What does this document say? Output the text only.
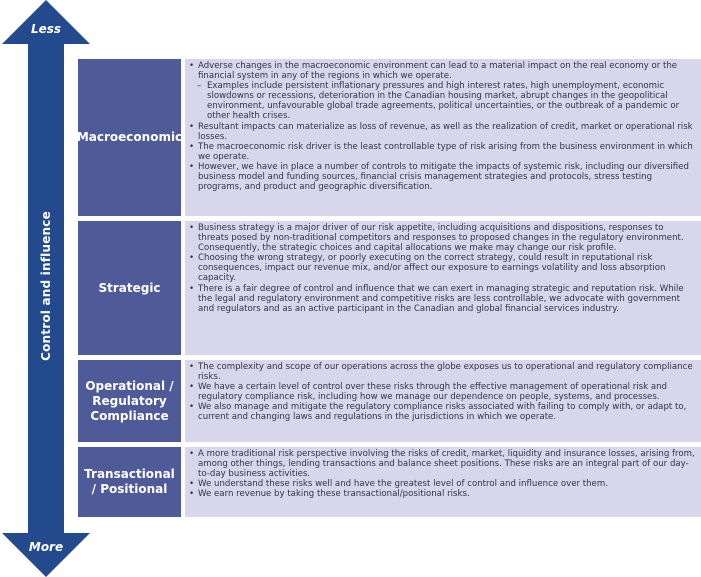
Less
Control and influence
More
Macroeconomic
• Adverse changes in the macroeconomic environment can lead to a material impact on the real economy or the financial system in any of the regions in which we operate.
– Examples include persistent inflationary pressures and high interest rates, high unemployment, economic slowdowns or recessions, deterioration in the Canadian housing market, abrupt changes in the geopolitical environment, unfavourable global trade agreements, political uncertainties, or the outbreak of a pandemic or other health crises.
• Resultant impacts can materialize as loss of revenue, as well as the realization of credit, market or operational risk losses.
• The macroeconomic risk driver is the least controllable type of risk arising from the business environment in which we operate.
• However, we have in place a number of controls to mitigate the impacts of systemic risk, including our diversified business model and funding sources, financial crisis management strategies and protocols, stress testing programs, and product and geographic diversification.
Strategic
• Business strategy is a major driver of our risk appetite, including acquisitions and dispositions, responses to threats posed by non-traditional competitors and responses to proposed changes in the regulatory environment. Consequently, the strategic choices and capital allocations we make may change our risk profile.
• Choosing the wrong strategy, or poorly executing on the correct strategy, could result in reputational risk consequences, impact our revenue mix, and/or affect our exposure to earnings volatility and loss absorption capacity.
• There is a fair degree of control and influence that we can exert in managing strategic and reputation risk. While the legal and regulatory environment and competitive risks are less controllable, we advocate with government and regulators and as an active participant in the Canadian and global financial services industry.
Operational / Regulatory Compliance
• The complexity and scope of our operations across the globe exposes us to operational and regulatory compliance risks.
• We have a certain level of control over these risks through the effective management of operational risk and regulatory compliance risk, including how we manage our dependence on people, systems, and processes.
• We also manage and mitigate the regulatory compliance risks associated with failing to comply with, or adapt to, current and changing laws and regulations in the jurisdictions in which we operate.
Transactional / Positional
• A more traditional risk perspective involving the risks of credit, market, liquidity and insurance losses, arising from, among other things, lending transactions and balance sheet positions. These risks are an integral part of our day-to-day business activities.
• We understand these risks well and have the greatest level of control and influence over them.
• We earn revenue by taking these transactional/positional risks.
